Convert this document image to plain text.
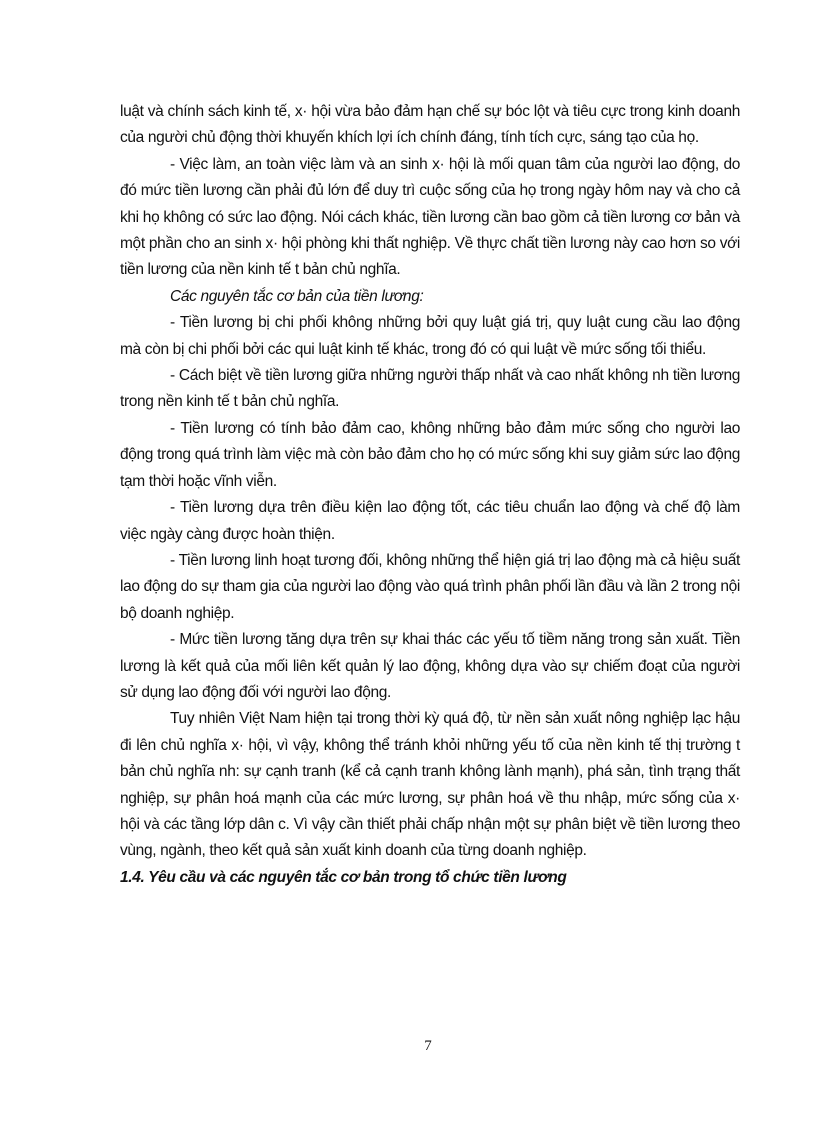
luật và chính sách kinh tế, x· hội vừa bảo đảm hạn chế sự bóc lột và tiêu cực trong kinh doanh của người chủ động thời khuyến khích lợi ích chính đáng, tính tích cực, sáng tạo của họ.

- Việc làm, an toàn việc làm và an sinh x· hội là mối quan tâm của người lao động, do đó mức tiền lương cần phải đủ lớn để duy trì cuộc sống của họ trong ngày hôm nay và cho cả khi họ không có sức lao động. Nói cách khác, tiền lương cần bao gồm cả tiền lương cơ bản và một phần cho an sinh x· hội phòng khi thất nghiệp. Về thực chất tiền lương này cao hơn so với tiền lương của nền kinh tế t bản chủ nghĩa.

Các nguyên tắc cơ bản của tiền lương:

- Tiền lương bị chi phối không những bởi quy luật giá trị, quy luật cung cầu lao động mà còn bị chi phối bởi các qui luật kinh tế khác, trong đó có qui luật về mức sống tối thiểu.

- Cách biệt về tiền lương giữa những người thấp nhất và cao nhất không nh tiền lương trong nền kinh tế t bản chủ nghĩa.

- Tiền lương có tính bảo đảm cao, không những bảo đảm mức sống cho người lao động trong quá trình làm việc mà còn bảo đảm cho họ có mức sống khi suy giảm sức lao động tạm thời hoặc vĩnh viễn.

- Tiền lương dựa trên điều kiện lao động tốt, các tiêu chuẩn lao động và chế độ làm việc ngày càng được hoàn thiện.

- Tiền lương linh hoạt tương đối, không những thể hiện giá trị lao động mà cả hiệu suất lao động do sự tham gia của người lao động vào quá trình phân phối lần đầu và lần 2 trong nội bộ doanh nghiệp.

- Mức tiền lương tăng dựa trên sự khai thác các yếu tố tiềm năng trong sản xuất. Tiền lương là kết quả của mối liên kết quản lý lao động, không dựa vào sự chiếm đoạt của người sử dụng lao động đối với người lao động.

Tuy nhiên Việt Nam hiện tại trong thời kỳ quá độ, từ nền sản xuất nông nghiệp lạc hậu đi lên chủ nghĩa x· hội, vì vậy, không thể tránh khỏi những yếu tố của nền kinh tế thị trường t bản chủ nghĩa nh: sự cạnh tranh (kể cả cạnh tranh không lành mạnh), phá sản, tình trạng thất nghiệp, sự phân hoá mạnh của các mức lương, sự phân hoá về thu nhập, mức sống của x· hội và các tầng lớp dân c. Vì vậy cần thiết phải chấp nhận một sự phân biệt về tiền lương theo vùng, ngành, theo kết quả sản xuất kinh doanh của từng doanh nghiệp.

1.4. Yêu cầu và các nguyên tắc cơ bản trong tổ chức tiền lương

7
